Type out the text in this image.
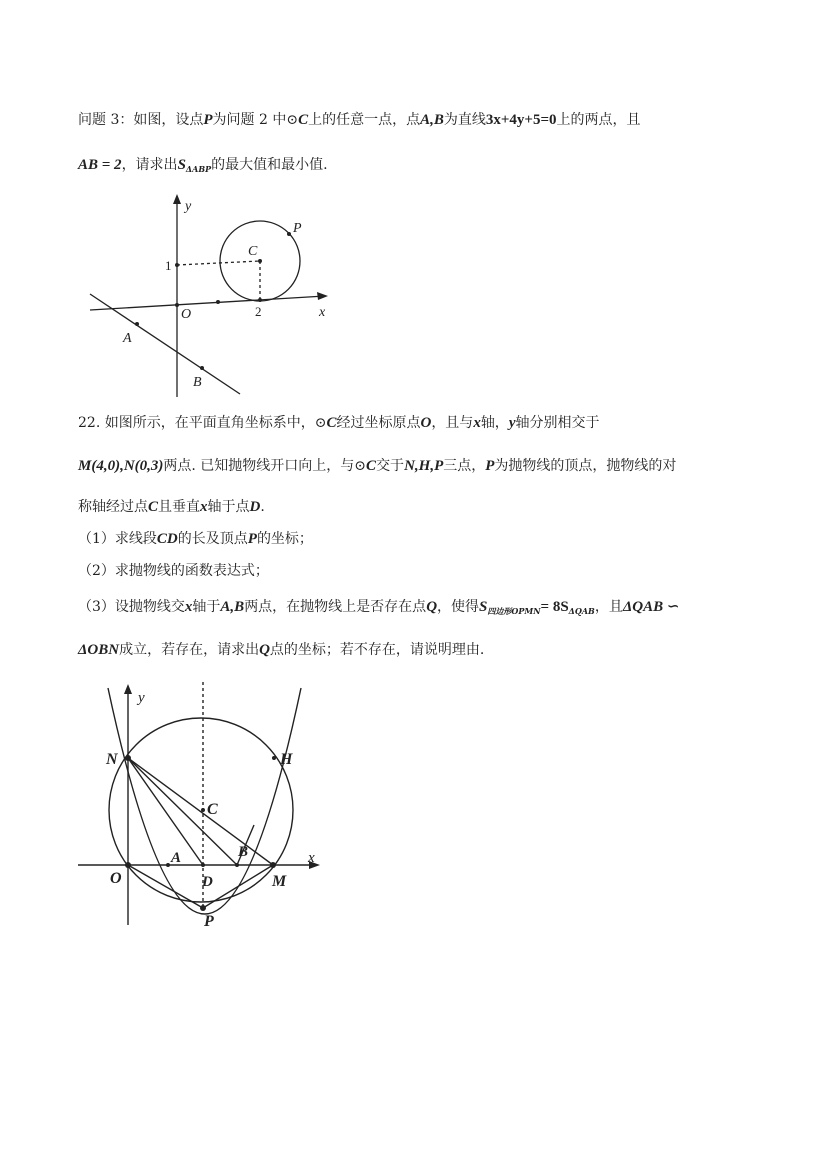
问题 3：如图，设点P为问题 2 中⊙C上的任意一点，点A,B为直线3x+4y+5=0上的两点，且
AB = 2，请求出$S_{\Delta ABP}$的最大值和最小值.
y
x
1
2
O
C
P
A
B
22. 如图所示，在平面直角坐标系中，⊙C经过坐标原点O，且与x轴，y轴分别相交于
M(4,0),N(0,3)两点. 已知抛物线开口向上，与⊙C交于N,H,P三点，P为抛物线的顶点，抛物线的对
称轴经过点C且垂直x轴于点D.
（1）求线段CD的长及顶点P的坐标；
（2）求抛物线的函数表达式；
（3）设抛物线交x轴于A,B两点，在抛物线上是否存在点Q，使得$S_{四边形OPMN}= 8S_{\Delta QAB}$，且ΔQAB ∽
ΔOBN成立，若存在，请求出Q点的坐标；若不存在，请说明理由.
y
x
N	H
C
O
A	B
D	M
P
